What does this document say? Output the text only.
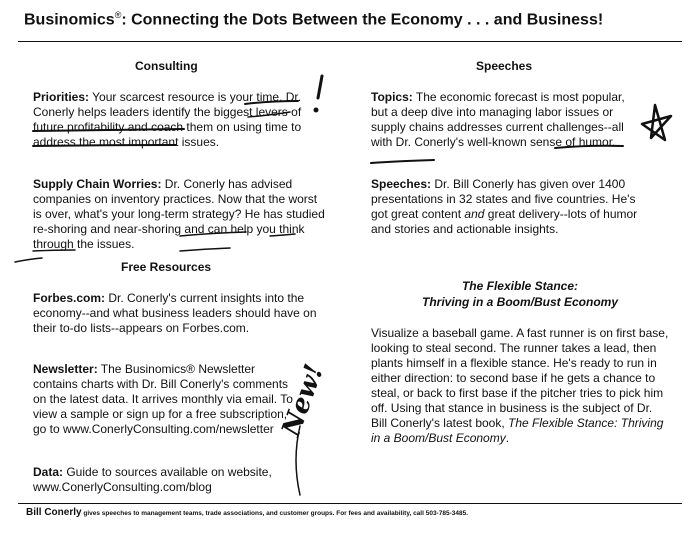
Businomics®: Connecting the Dots Between the Economy . . . and Business!
Consulting
Priorities: Your scarcest resource is your time. Dr. Conerly helps leaders identify the biggest levers of future profitability and coach them on using time to address the most important issues.
Supply Chain Worries: Dr. Conerly has advised companies on inventory practices. Now that the worst is over, what's your long-term strategy? He has studied re-shoring and near-shoring and can help you think through the issues.
Free Resources
Forbes.com: Dr. Conerly's current insights into the economy--and what business leaders should have on their to-do lists--appears on Forbes.com.
Newsletter: The Businomics® Newsletter contains charts with Dr. Bill Conerly's comments on the latest data. It arrives monthly via email. To view a sample or sign up for a free subscription, go to www.ConerlyConsulting.com/newsletter
Data: Guide to sources available on website, www.ConerlyConsulting.com/blog
Speeches
Topics: The economic forecast is most popular, but a deep dive into managing labor issues or supply chains addresses current challenges--all with Dr. Conerly's well-known sense of humor.
Speeches: Dr. Bill Conerly has given over 1400 presentations in 32 states and five countries. He's got great content and great delivery--lots of humor and stories and actionable insights.
The Flexible Stance:
Thriving in a Boom/Bust Economy
Visualize a baseball game. A fast runner is on first base, looking to steal second. The runner takes a lead, then plants himself in a flexible stance. He's ready to run in either direction: to second base if he gets a chance to steal, or back to first base if the pitcher tries to pick him off. Using that stance in business is the subject of Dr. Bill Conerly's latest book, The Flexible Stance: Thriving in a Boom/Bust Economy.
Bill Conerly gives speeches to management teams, trade associations, and customer groups. For fees and availability, call 503-785-3485.
New!
